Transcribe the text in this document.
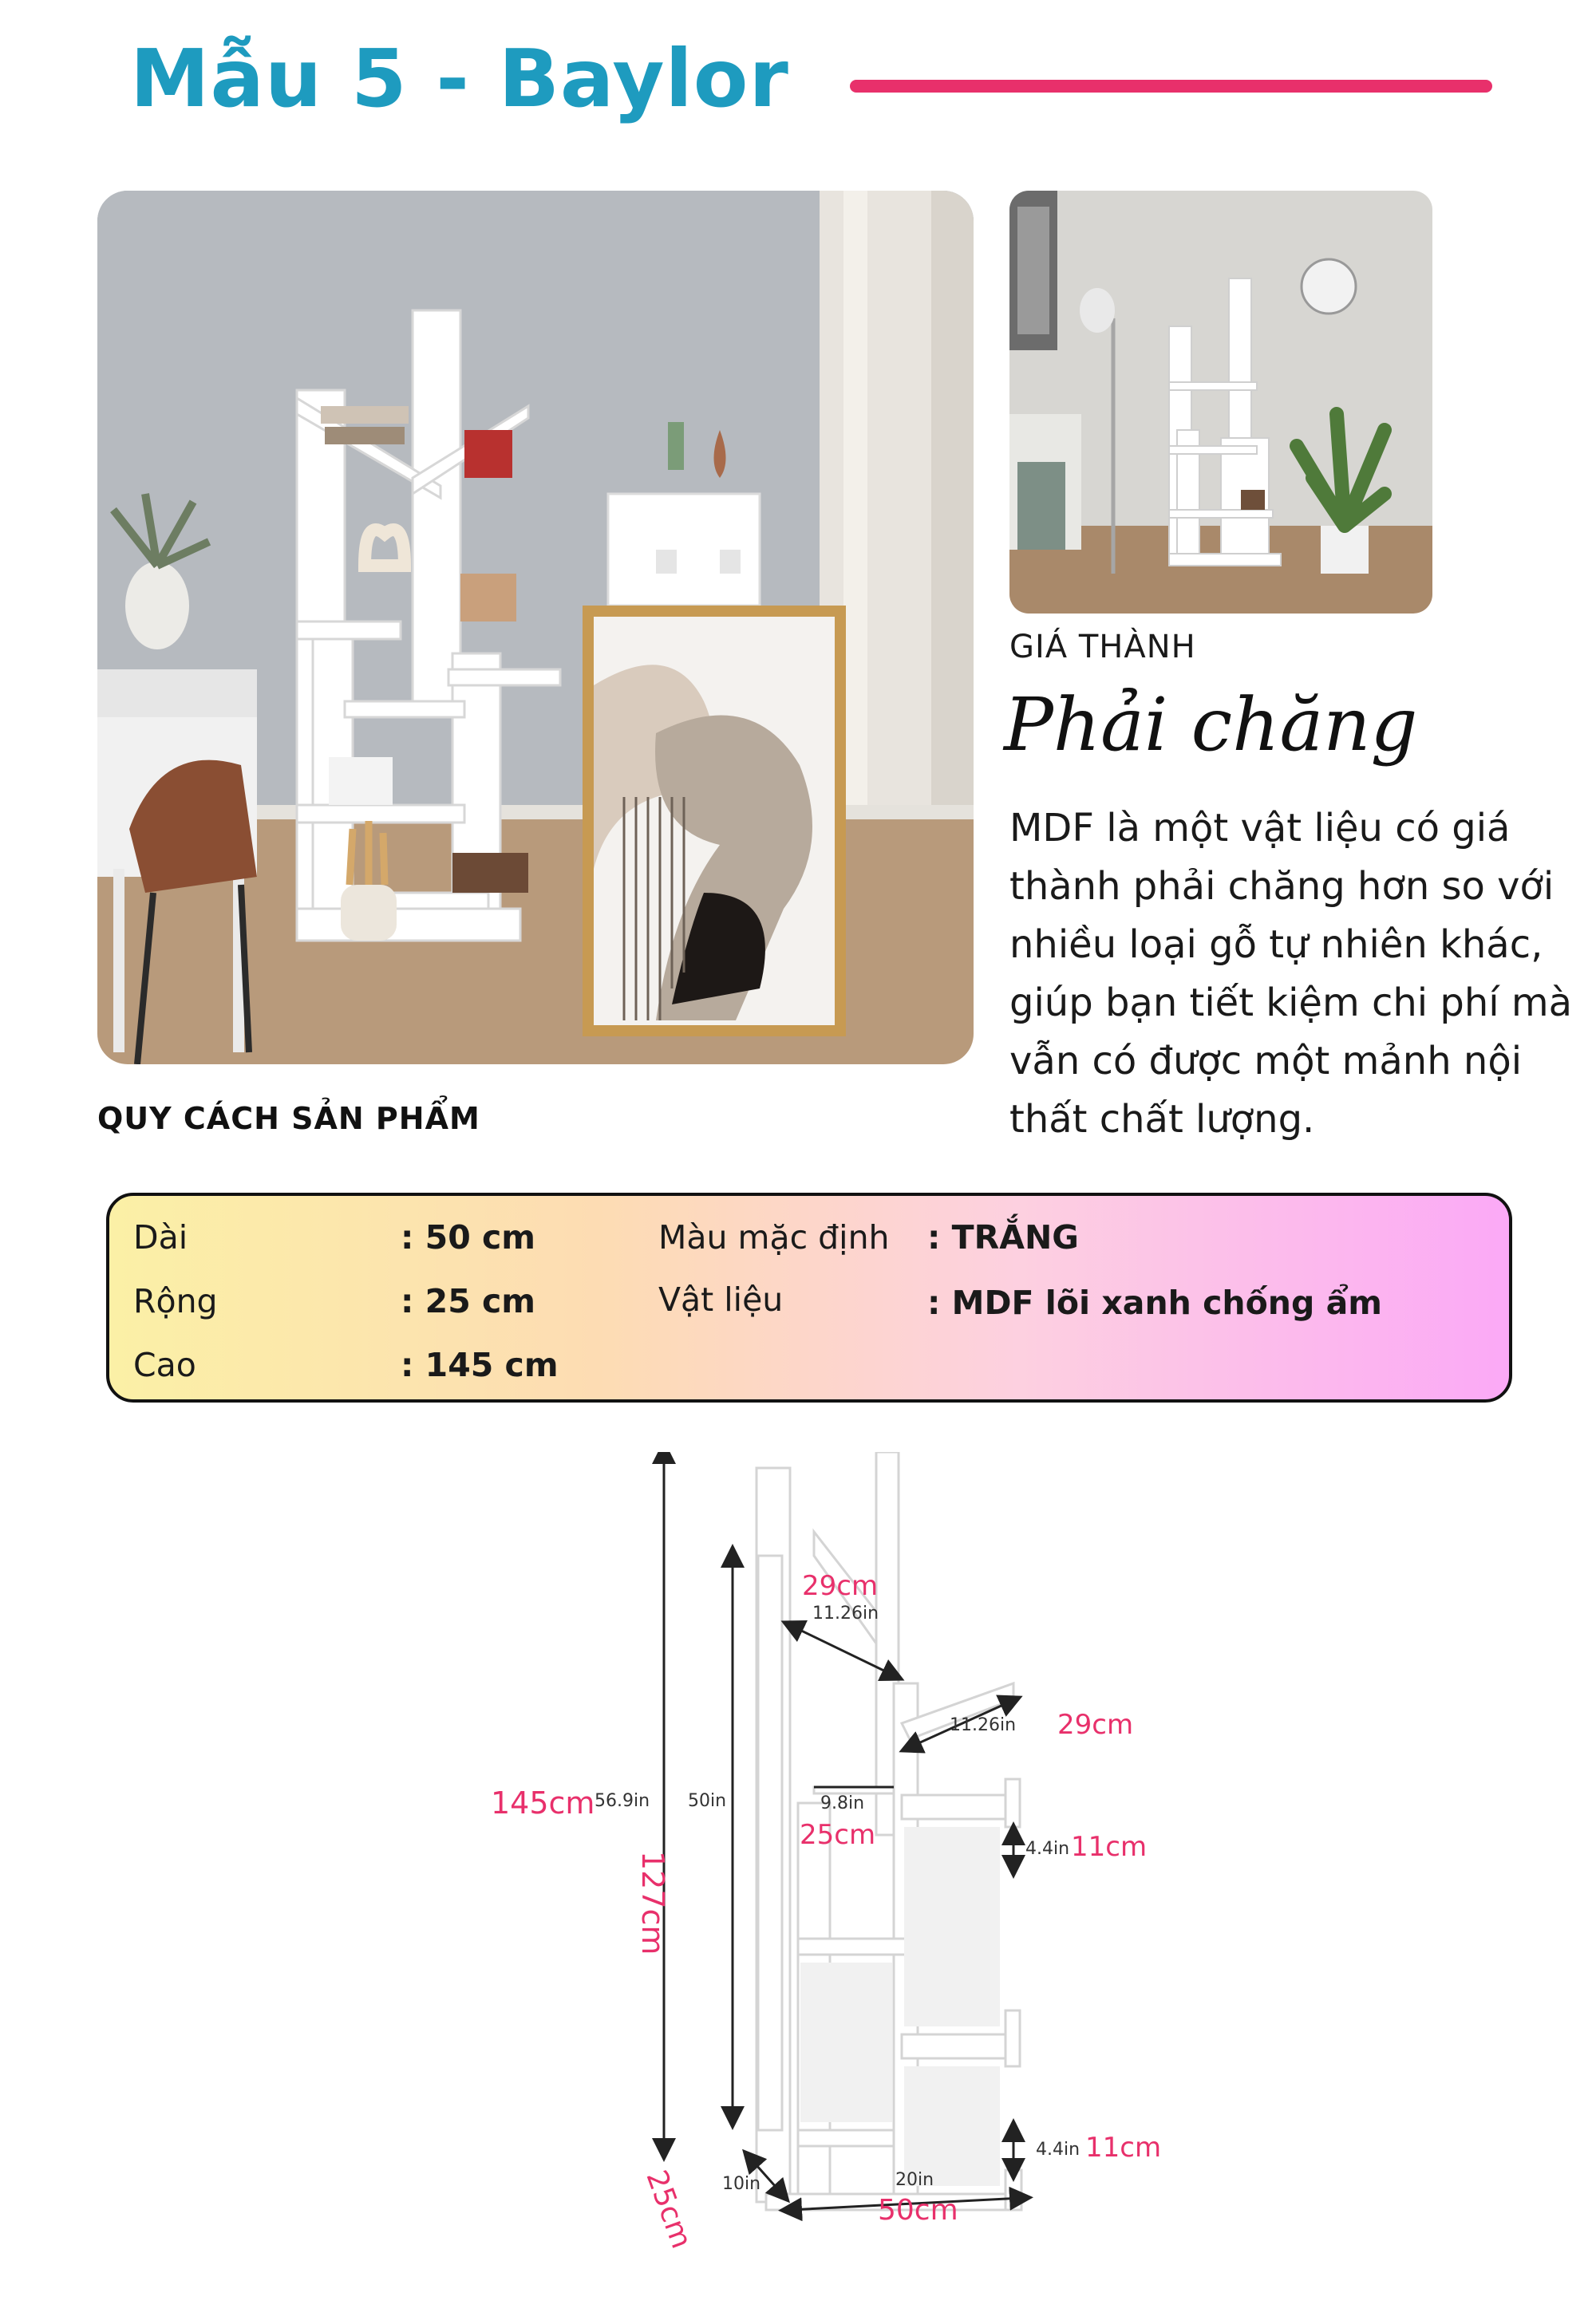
Mẫu 5 - Baylor
GIÁ THÀNH
Phải chăng
MDF là một vật liệu có giá thành phải chăng hơn so với nhiều loại gỗ tự nhiên khác, giúp bạn tiết kiệm chi phí mà vẫn có được một mảnh nội thất chất lượng.
QUY CÁCH SẢN PHẨM
Dài	: 50 cm
Rộng	: 25 cm
Cao	: 145 cm
Màu mặc định : TRẮNG
Vật liệu	: MDF lõi xanh chống ẩm
145cm 56.9in 50in
127cm
29cm
11.26in
11.26in 29cm
9.8in
25cm	4.4in 11cm
4.4in 11cm
10in
25cm	20in
50cm
